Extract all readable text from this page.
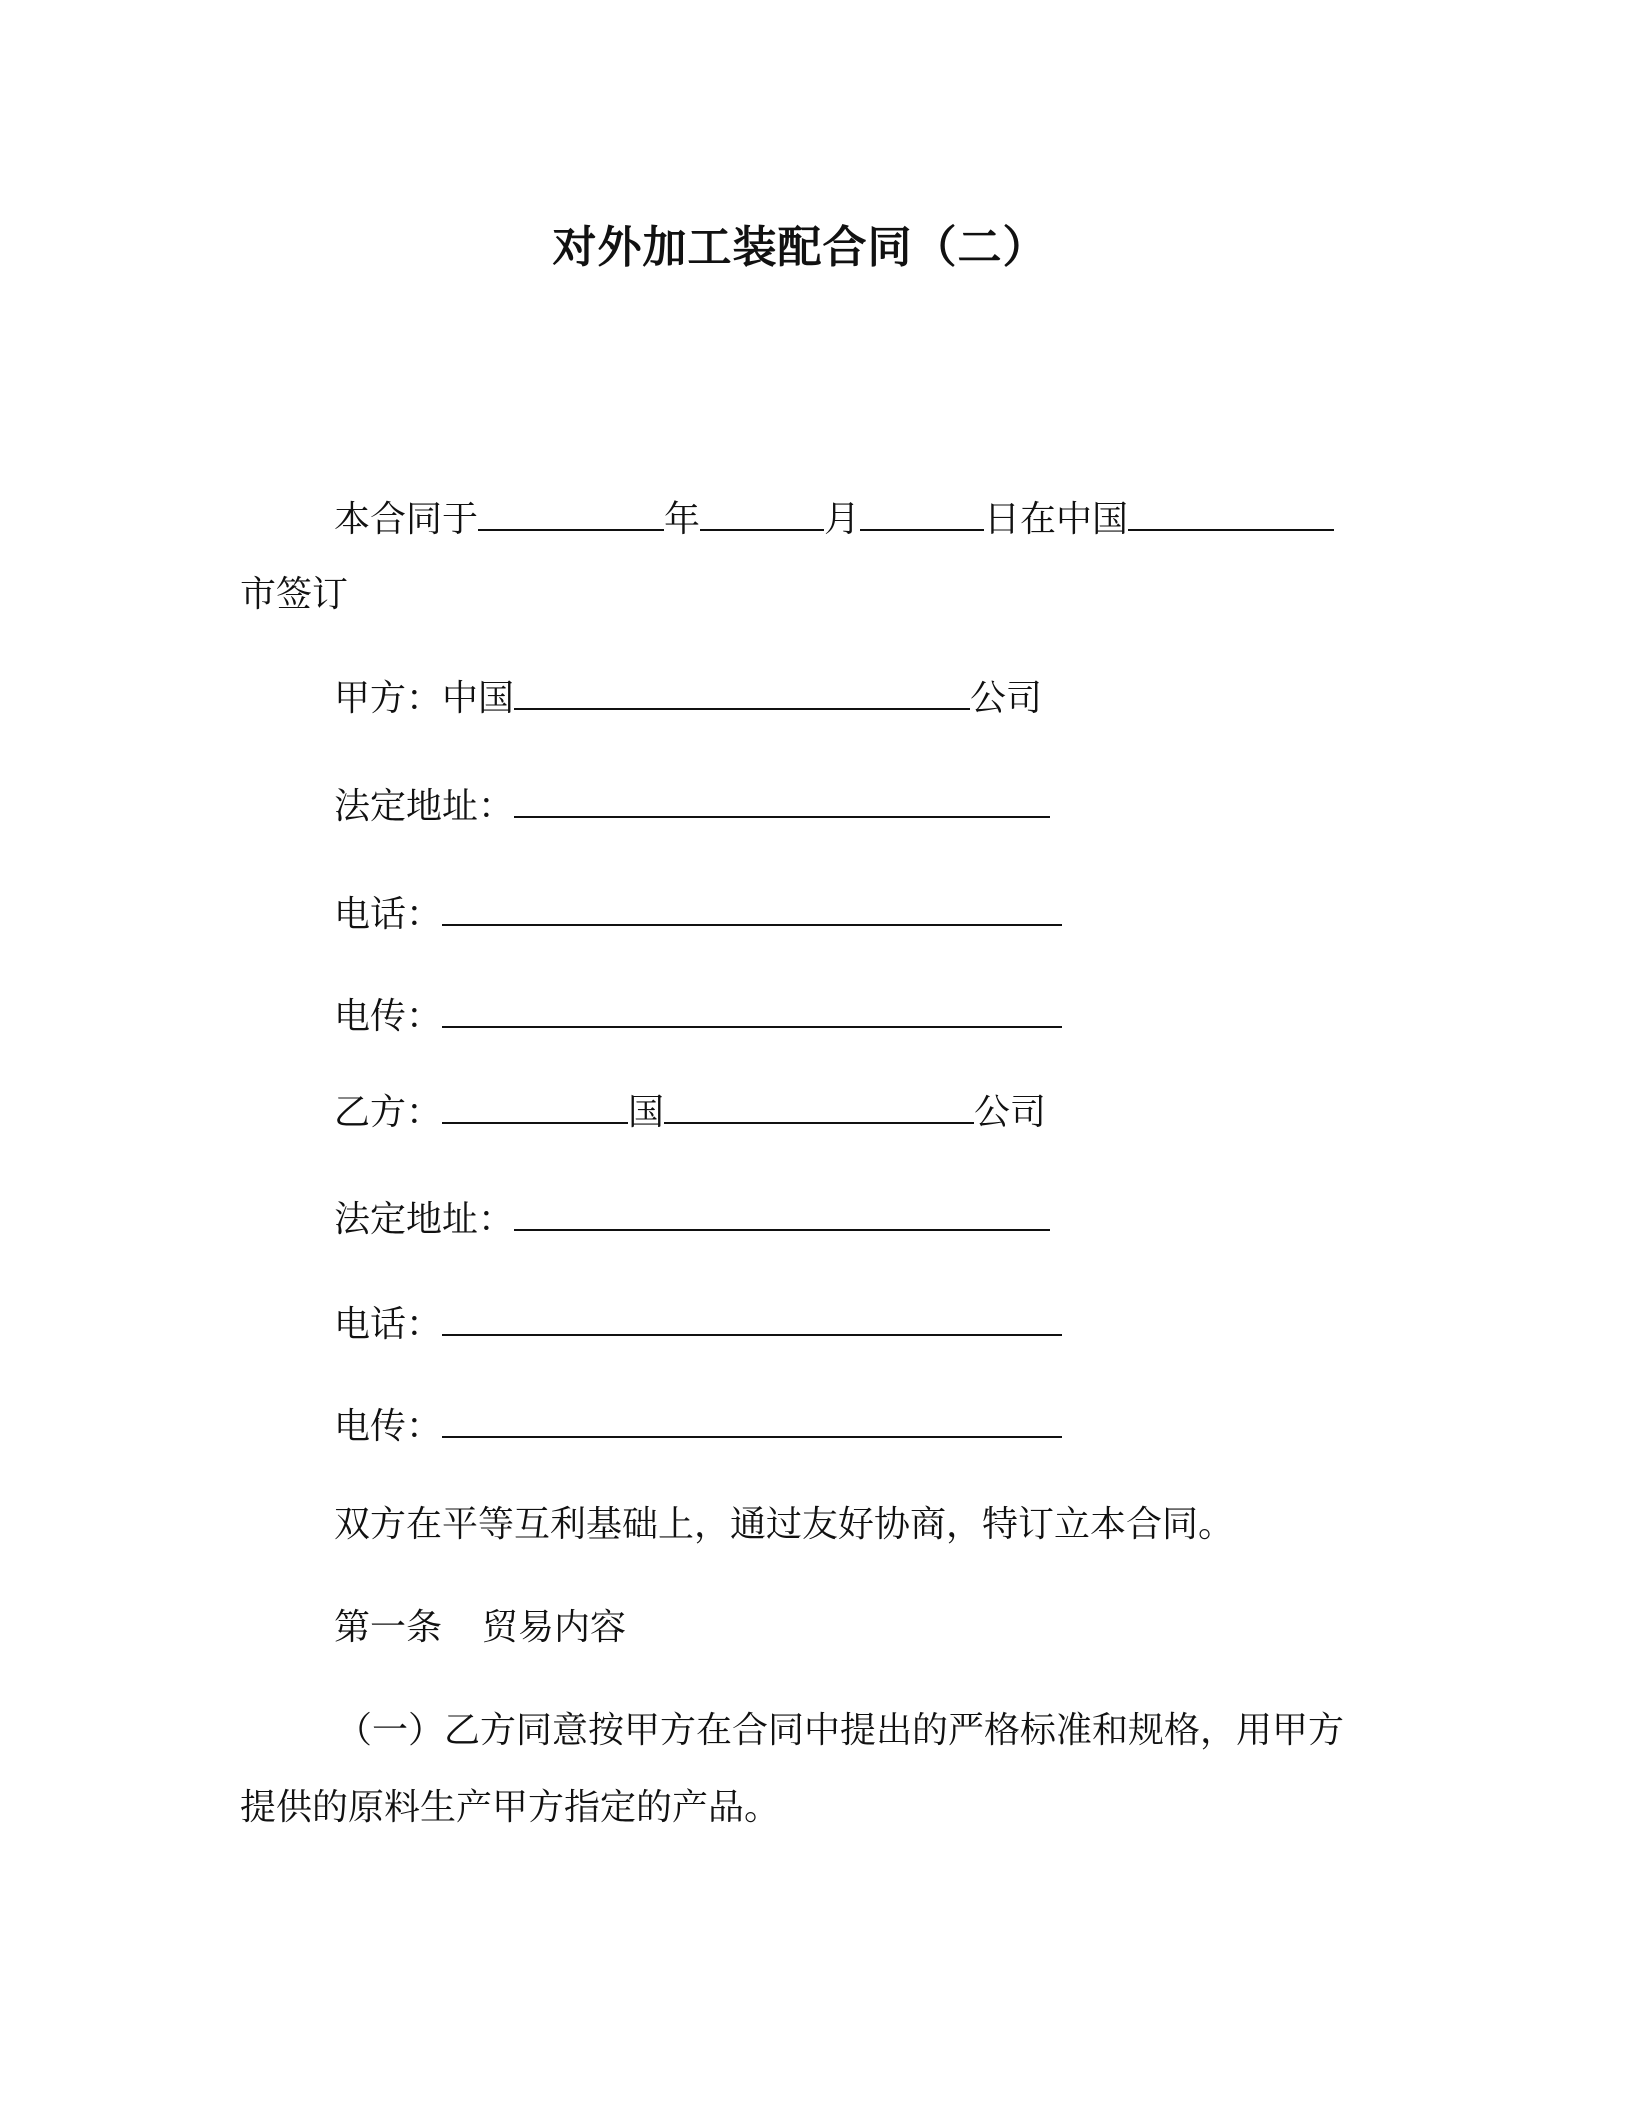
对外加工装配合同（二）
本合同于	年	月	日在中国
市签订
甲方：中国	公司
法定地址：
电话：
电传：
乙方：	国	公司
法定地址：
电话：
电传：
双方在平等互利基础上，通过友好协商，特订立本合同。
第一条 贸易内容
（一）乙方同意按甲方在合同中提出的严格标准和规格，用甲方
提供的原料生产甲方指定的产品。
